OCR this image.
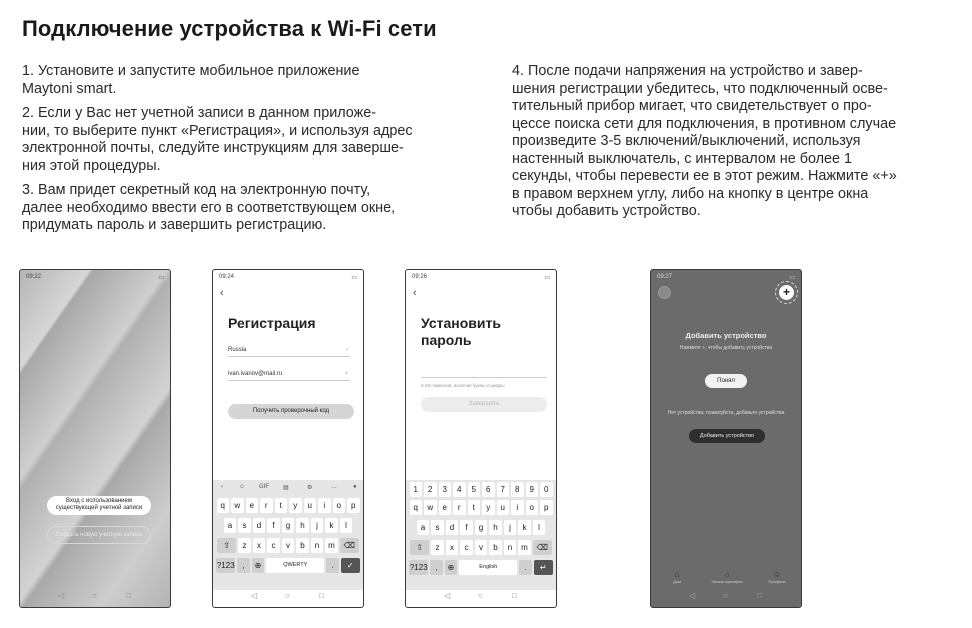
Подключение устройства к Wi-Fi сети
1. Установите и запустите мобильное приложение
Maytoni smart.
2. Если у Вас нет учетной записи в данном приложе-
нии, то выберите пункт «Регистрация», и используя адрес
электронной почты, следуйте инструкциям для заверше-
ния этой процедуры.
3. Вам придет секретный код на электронную почту,
далее необходимо ввести его в соответствующем окне,
придумать пароль и завершить регистрацию.
4. После подачи напряжения на устройство и завер-
шения регистрации убедитесь, что подключенный осве-
тительный прибор мигает, что свидетельствует о про-
цессе поиска сети для подключения, в противном случае
произведите 3-5 включений/выключений, используя
настенный выключатель, с интервалом не более 1
секунды, чтобы перевести ее в этот режим. Нажмите «+»
в правом верхнем углу, либо на кнопку в центре окна
чтобы добавить устройство.
09:22	▭
Вход с использованием существующей учетной записи
Создать новую учетную запись
◁	○	□
09:24	▭
‹
Регистрация
Russia	›
ivan.ivanov@mail.ru	×
Получить проверочный код
‹	☺ GIF ▤	⚙	…	●
q	w	e	r	t	y	u	i	o	p
a	s	d	f	g	h	j	k	l
⇧	z	x	c	v	b	n	m	⌫
?123 ,	⊕	QWERTY	.	✓
◁	○	□
09:26	▭
‹
Установить
пароль
6-20 символов, включая буквы и цифры
Завершить
1	2	3	4	5	6	7	8	9	0
q	w	e	r	t	y	u	i	o	p
a	s	d	f	g	h	j	k	l
⇧	z	x	c	v	b	n	m	⌫
?123 ,	⊕	English	.	↵
◁	○	□
09:27	▭
+
Добавить устройство
Нажмите +, чтобы добавить устройства
Понял
Нет устройства, пожалуйста, добавьте устройства
Добавить устройство
⌂
Дом
☼
Умные сценарии
☺
Профиль
◁	○	□
